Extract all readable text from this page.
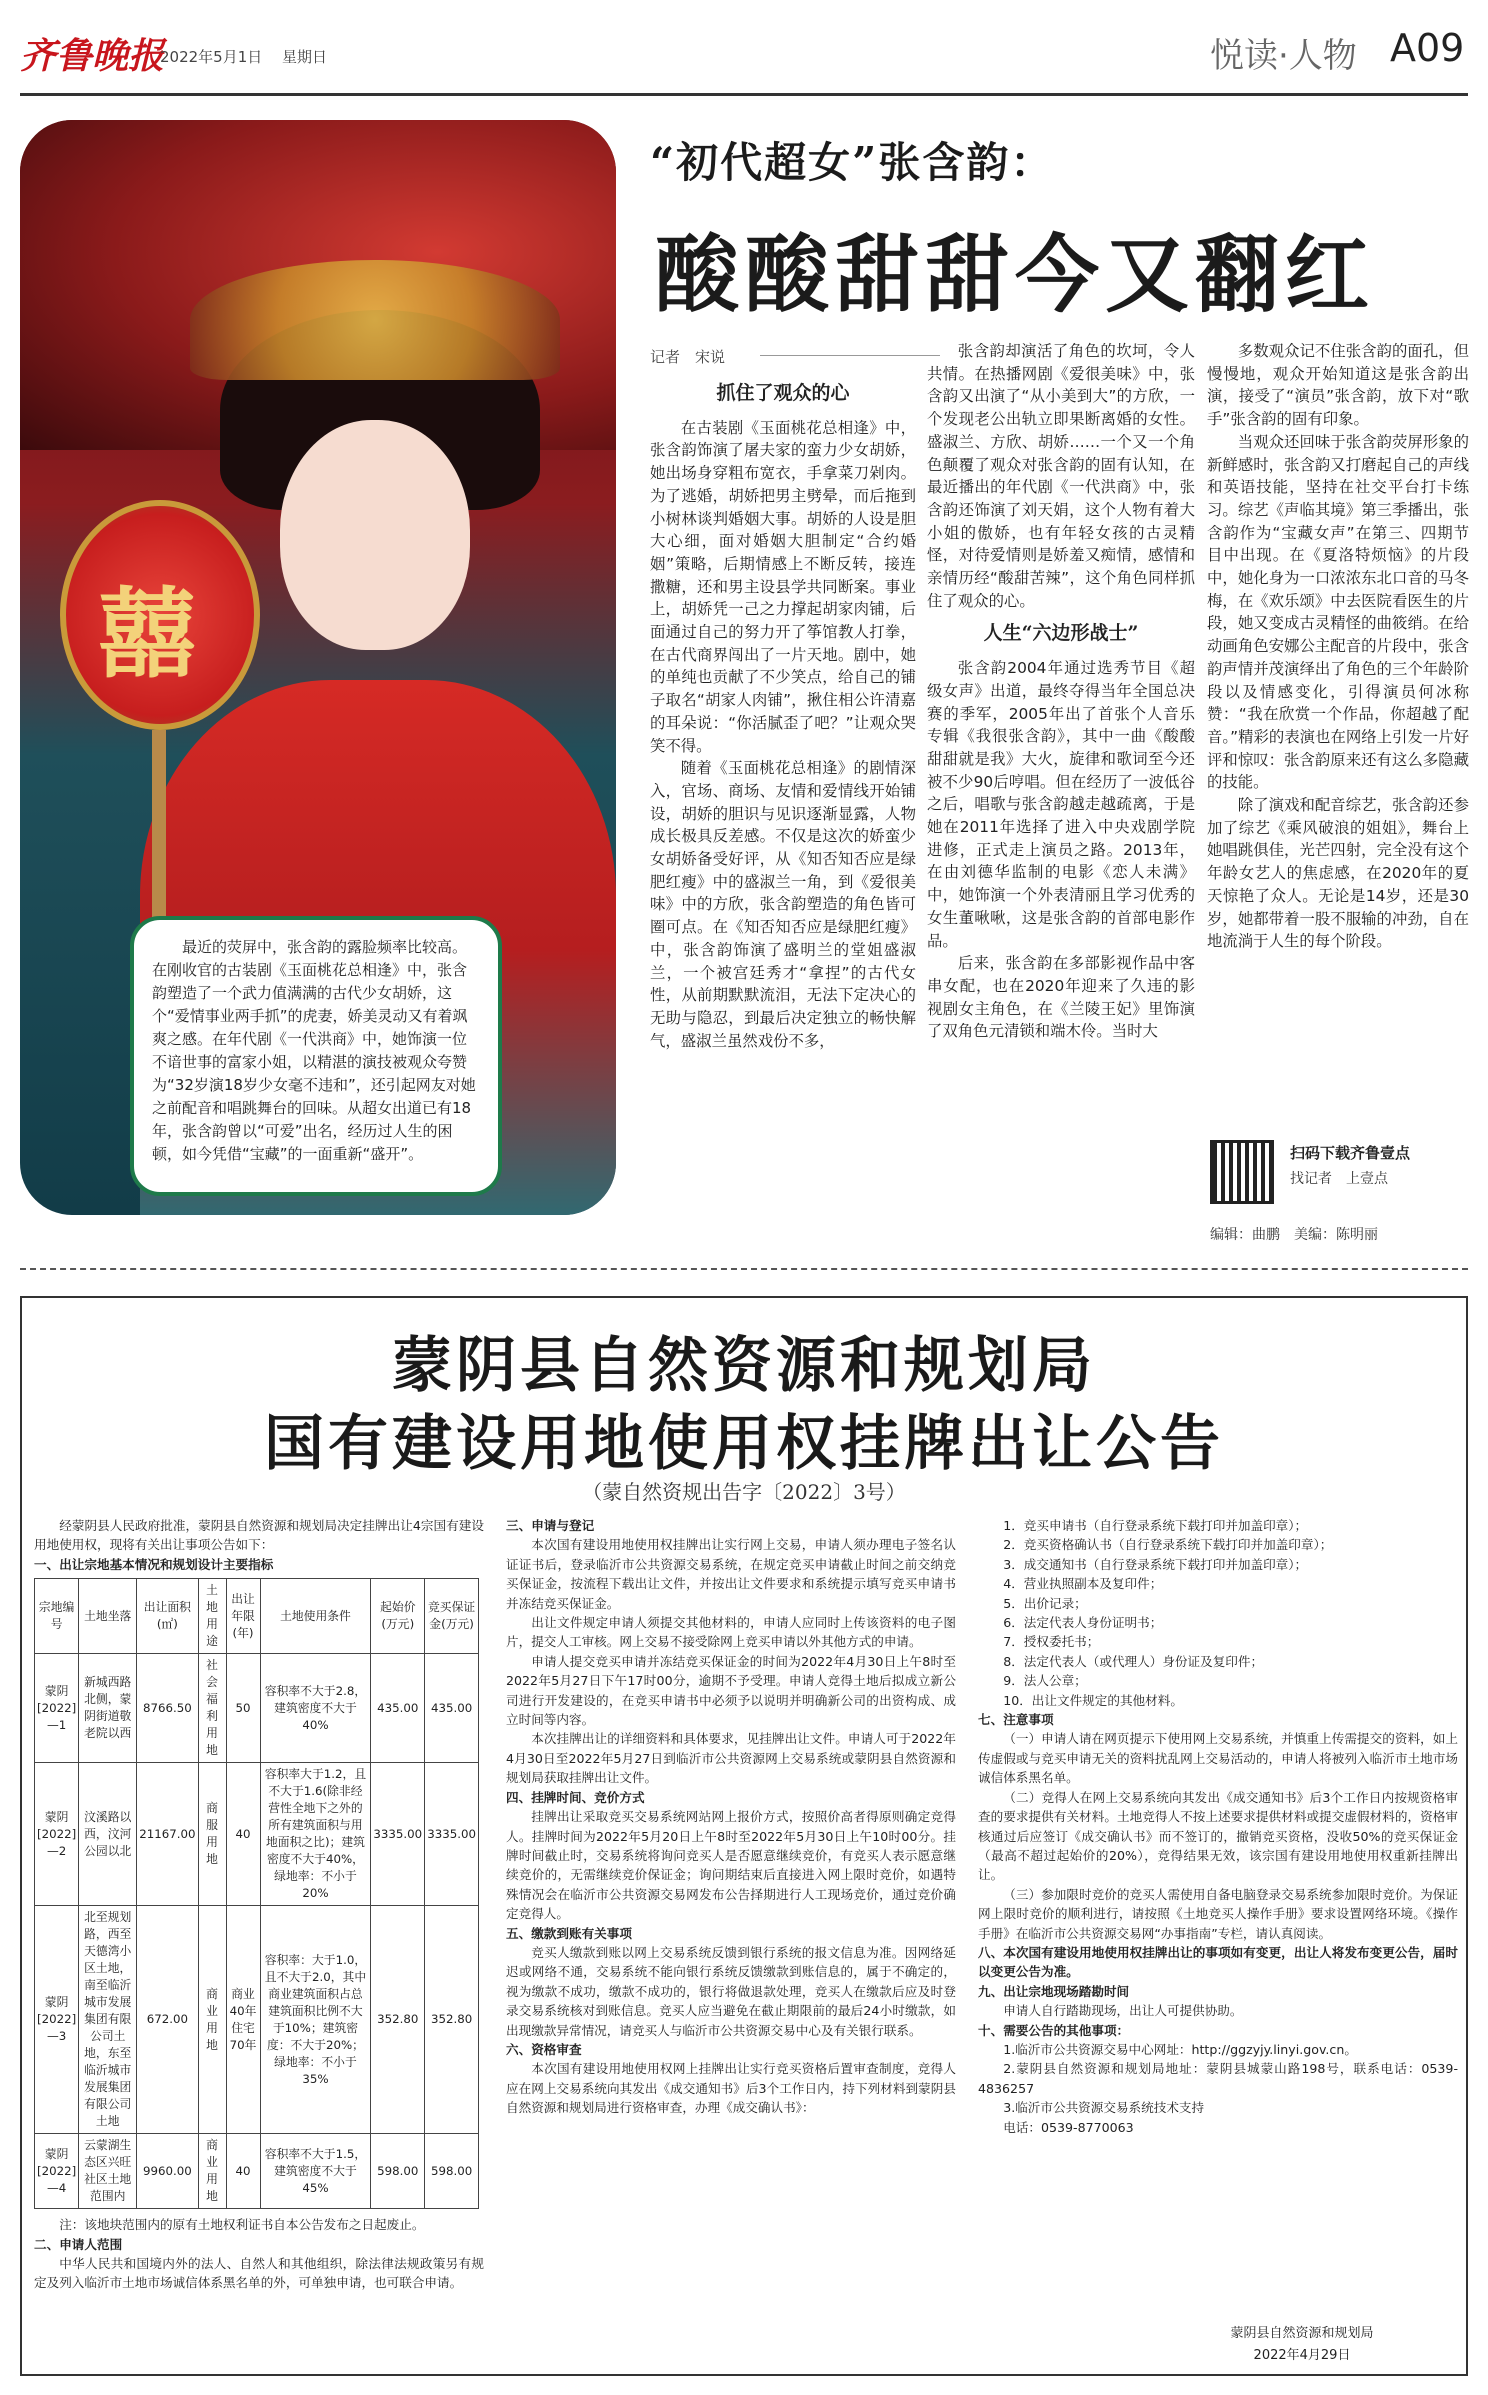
齐鲁晚报
2022年5月1日 星期日	悦读·人物 A09
囍
最近的荧屏中，张含韵的露脸频率比较高。在刚收官的古装剧《玉面桃花总相逢》中，张含韵塑造了一个武力值满满的古代少女胡娇，这个“爱情事业两手抓”的虎妻，娇美灵动又有着飒爽之感。在年代剧《一代洪商》中，她饰演一位不谙世事的富家小姐，以精湛的演技被观众夸赞为“32岁演18岁少女毫不违和”，还引起网友对她之前配音和唱跳舞台的回味。从超女出道已有18年，张含韵曾以“可爱”出名，经历过人生的困顿，如今凭借“宝藏”的一面重新“盛开”。
“初代超女”张含韵：
酸酸甜甜今又翻红
记者　宋说

抓住了观众的心

在古装剧《玉面桃花总相逢》中，张含韵饰演了屠夫家的蛮力少女胡娇，她出场身穿粗布宽衣，手拿菜刀剁肉。为了逃婚，胡娇把男主劈晕，而后拖到小树林谈判婚姻大事。胡娇的人设是胆大心细，面对婚姻大胆制定“合约婚姻”策略，后期情感上不断反转，接连撒糖，还和男主设县学共同断案。事业上，胡娇凭一己之力撑起胡家肉铺，后面通过自己的努力开了筝馆教人打拳，在古代商界闯出了一片天地。剧中，她的单纯也贡献了不少笑点，给自己的铺子取名“胡家人肉铺”，揪住相公许清嘉的耳朵说：“你活腻歪了吧？”让观众哭笑不得。

随着《玉面桃花总相逢》的剧情深入，官场、商场、友情和爱情线开始铺设，胡娇的胆识与见识逐渐显露，人物成长极具反差感。不仅是这次的娇蛮少女胡娇备受好评，从《知否知否应是绿肥红瘦》中的盛淑兰一角，到《爱很美味》中的方欣，张含韵塑造的角色皆可圈可点。在《知否知否应是绿肥红瘦》中，张含韵饰演了盛明兰的堂姐盛淑兰，一个被宫廷秀才“拿捏”的古代女性，从前期默默流泪，无法下定决心的无助与隐忍，到最后决定独立的畅快解气，盛淑兰虽然戏份不多，

张含韵却演活了角色的坎坷，令人共情。在热播网剧《爱很美味》中，张含韵又出演了“从小美到大”的方欣，一个发现老公出轨立即果断离婚的女性。盛淑兰、方欣、胡娇……一个又一个角色颠覆了观众对张含韵的固有认知，在最近播出的年代剧《一代洪商》中，张含韵还饰演了刘天娟，这个人物有着大小姐的傲娇，也有年轻女孩的古灵精怪，对待爱情则是娇羞又痴情，感情和亲情历经“酸甜苦辣”，这个角色同样抓住了观众的心。

人生“六边形战士”

张含韵2004年通过选秀节目《超级女声》出道，最终夺得当年全国总决赛的季军，2005年出了首张个人音乐专辑《我很张含韵》，其中一曲《酸酸甜甜就是我》大火，旋律和歌词至今还被不少90后哼唱。但在经历了一波低谷之后，唱歌与张含韵越走越疏离，于是她在2011年选择了进入中央戏剧学院进修，正式走上演员之路。2013年，在由刘德华监制的电影《恋人未满》中，她饰演一个外表清丽且学习优秀的女生董啾啾，这是张含韵的首部电影作品。

后来，张含韵在多部影视作品中客串女配，也在2020年迎来了久违的影视剧女主角色，在《兰陵王妃》里饰演了双角色元清锁和端木伶。当时大

多数观众记不住张含韵的面孔，但慢慢地，观众开始知道这是张含韵出演，接受了“演员”张含韵，放下对“歌手”张含韵的固有印象。

当观众还回味于张含韵荧屏形象的新鲜感时，张含韵又打磨起自己的声线和英语技能，坚持在社交平台打卡练习。综艺《声临其境》第三季播出，张含韵作为“宝藏女声”在第三、四期节目中出现。在《夏洛特烦恼》的片段中，她化身为一口浓浓东北口音的马冬梅，在《欢乐颂》中去医院看医生的片段，她又变成古灵精怪的曲筱绡。在给动画角色安娜公主配音的片段中，张含韵声情并茂演绎出了角色的三个年龄阶段以及情感变化，引得演员何冰称赞：“我在欣赏一个作品，你超越了配音。”精彩的表演也在网络上引发一片好评和惊叹：张含韵原来还有这么多隐藏的技能。

除了演戏和配音综艺，张含韵还参加了综艺《乘风破浪的姐姐》，舞台上她唱跳俱佳，光芒四射，完全没有这个年龄女艺人的焦虑感，在2020年的夏天惊艳了众人。无论是14岁，还是30岁，她都带着一股不服输的冲劲，自在地流淌于人生的每个阶段。

扫码下载齐鲁壹点
找记者　上壹点
编辑：曲鹏　美编：陈明丽
蒙阴县自然资源和规划局
国有建设用地使用权挂牌出让公告
（蒙自然资规出告字〔2022〕3号）

经蒙阴县人民政府批准，蒙阴县自然资源和规划局决定挂牌出让4宗国有建设用地使用权，现将有关出让事项公告如下：

一、出让宗地基本情况和规划设计主要指标

宗地编号	土地坐落	出让面积(㎡)	土地用途	出让年限(年)	土地使用条件	起始价(万元)	竞买保证金(万元)
蒙阴[2022]—1	新城西路北侧，蒙阴街道敬老院以西	8766.50	社会福利用地	50	容积率不大于2.8，建筑密度不大于40%	435.00	435.00
蒙阴[2022]—2	汶溪路以西，汶河公园以北	21167.00	商服用地	40	容积率大于1.2，且不大于1.6(除非经营性全地下之外的所有建筑面积与用地面积之比)；建筑密度不大于40%，绿地率：不小于20%	3335.00	3335.00
蒙阴[2022]—3	北至规划路，西至天德湾小区土地，南至临沂城市发展集团有限公司土地，东至临沂城市发展集团有限公司土地	672.00	商业用地	商业40年住宅70年	容积率：大于1.0，且不大于2.0，其中商业建筑面积占总建筑面积比例不大于10%；建筑密度：不大于20%；绿地率：不小于35%	352.80	352.80
蒙阴[2022]—4	云蒙湖生态区兴旺社区土地范围内	9960.00	商业用地	40	容积率不大于1.5，建筑密度不大于45%	598.00	598.00

注：该地块范围内的原有土地权利证书自本公告发布之日起废止。

二、申请人范围

中华人民共和国境内外的法人、自然人和其他组织，除法律法规政策另有规定及列入临沂市土地市场诚信体系黑名单的外，可单独申请，也可联合申请。

三、申请与登记

本次国有建设用地使用权挂牌出让实行网上交易，申请人须办理电子签名认证证书后，登录临沂市公共资源交易系统，在规定竞买申请截止时间之前交纳竞买保证金，按流程下载出让文件，并按出让文件要求和系统提示填写竞买申请书并冻结竞买保证金。

出让文件规定申请人须提交其他材料的，申请人应同时上传该资料的电子图片，提交人工审核。网上交易不接受除网上竞买申请以外其他方式的申请。

申请人提交竞买申请并冻结竞买保证金的时间为2022年4月30日上午8时至2022年5月27日下午17时00分，逾期不予受理。申请人竞得土地后拟成立新公司进行开发建设的，在竞买申请书中必须予以说明并明确新公司的出资构成、成立时间等内容。

本次挂牌出让的详细资料和具体要求，见挂牌出让文件。申请人可于2022年4月30日至2022年5月27日到临沂市公共资源网上交易系统或蒙阴县自然资源和规划局获取挂牌出让文件。

四、挂牌时间、竞价方式

挂牌出让采取竞买交易系统网站网上报价方式，按照价高者得原则确定竞得人。挂牌时间为2022年5月20日上午8时至2022年5月30日上午10时00分。挂牌时间截止时，交易系统将询问竞买人是否愿意继续竞价，有竞买人表示愿意继续竞价的，无需继续竞价保证金；询问期结束后直接进入网上限时竞价，如遇特殊情况会在临沂市公共资源交易网发布公告择期进行人工现场竞价，通过竞价确定竞得人。

五、缴款到账有关事项

竞买人缴款到账以网上交易系统反馈到银行系统的报文信息为准。因网络延迟或网络不通，交易系统不能向银行系统反馈缴款到账信息的，属于不确定的，视为缴款不成功，缴款不成功的，银行将做退款处理，竞买人在缴款后应及时登录交易系统核对到账信息。竞买人应当避免在截止期限前的最后24小时缴款，如出现缴款异常情况，请竞买人与临沂市公共资源交易中心及有关银行联系。

六、资格审查

本次国有建设用地使用权网上挂牌出让实行竞买资格后置审查制度，竞得人应在网上交易系统向其发出《成交通知书》后3个工作日内，持下列材料到蒙阴县自然资源和规划局进行资格审查，办理《成交确认书》：

1．竞买申请书（自行登录系统下载打印并加盖印章）；

2．竞买资格确认书（自行登录系统下载打印并加盖印章）；

3．成交通知书（自行登录系统下载打印并加盖印章）；

4．营业执照副本及复印件；

5．出价记录；

6．法定代表人身份证明书；

7．授权委托书；

8．法定代表人（或代理人）身份证及复印件；

9．法人公章；

10．出让文件规定的其他材料。

七、注意事项

（一）申请人请在网页提示下使用网上交易系统，并慎重上传需提交的资料，如上传虚假或与竞买申请无关的资料扰乱网上交易活动的，申请人将被列入临沂市土地市场诚信体系黑名单。

（二）竞得人在网上交易系统向其发出《成交通知书》后3个工作日内按规资格审查的要求提供有关材料。土地竞得人不按上述要求提供材料或提交虚假材料的，资格审核通过后应签订《成交确认书》而不签订的，撤销竞买资格，没收50%的竞买保证金（最高不超过起始价的20%），竞得结果无效，该宗国有建设用地使用权重新挂牌出让。

（三）参加限时竞价的竞买人需使用自备电脑登录交易系统参加限时竞价。为保证网上限时竞价的顺利进行，请按照《土地竞买人操作手册》要求设置网络环境。《操作手册》在临沂市公共资源交易网“办事指南”专栏，请认真阅读。

八、本次国有建设用地使用权挂牌出让的事项如有变更，出让人将发布变更公告，届时以变更公告为准。

九、出让宗地现场踏勘时间

申请人自行踏勘现场，出让人可提供协助。

十、需要公告的其他事项：

1.临沂市公共资源交易中心网址：http://ggzyjy.linyi.gov.cn。

2.蒙阴县自然资源和规划局地址：蒙阴县城蒙山路198号，联系电话：0539-4836257

3.临沂市公共资源交易系统技术支持

电话：0539-8770063

蒙阴县自然资源和规划局
2022年4月29日
